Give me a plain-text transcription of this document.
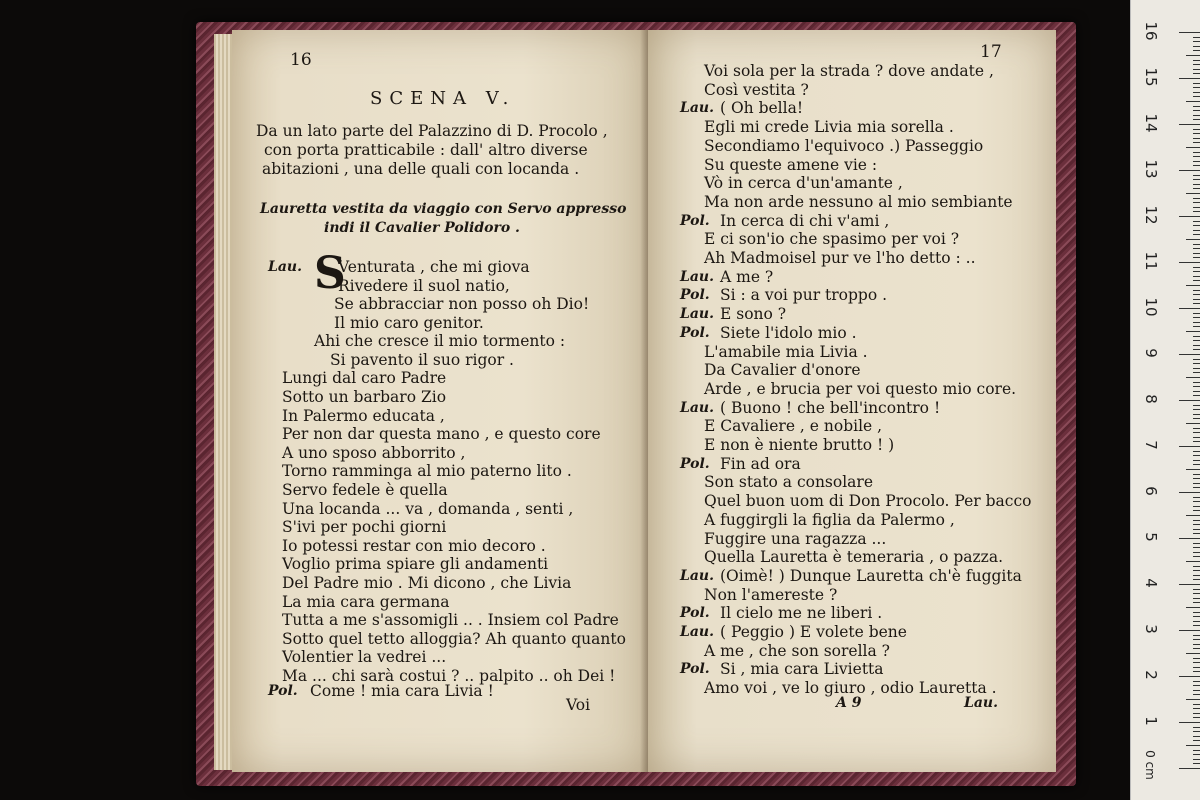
16
SCENA V.
Da un lato parte del Palazzino di D. Procolo ,
con porta pratticabile : dall' altro diverse
abitazioni , una delle quali con locanda .
Lauretta vestita da viaggio con Servo appresso
indi il Cavalier Polidoro .
Lau. S
Venturata , che mi giova
Rivedere il suol natio,
Se abbracciar non posso oh Dio!
Il mio caro genitor.
Ahi che cresce il mio tormento :
Si pavento il suo rigor .
Lungi dal caro Padre
Sotto un barbaro Zio
In Palermo educata ,
Per non dar questa mano , e questo core
A uno sposo abborrito ,
Torno ramminga al mio paterno lito .
Servo fedele è quella
Una locanda ... va , domanda , senti ,
S'ivi per pochi giorni
Io potessi restar con mio decoro .
Voglio prima spiare gli andamenti
Del Padre mio . Mi dicono , che Livia
La mia cara germana
Tutta a me s'assomigli .. . Insiem col Padre
Sotto quel tetto alloggia? Ah quanto quanto
Volentier la vedrei ...
Ma ... chi sarà costui ? .. palpito .. oh Dei !
Pol. Come ! mia cara Livia !
Voi
17
Voi sola per la strada ? dove andate ,
Così vestita ?
Lau. ( Oh bella!
Egli mi crede Livia mia sorella .
Secondiamo l'equivoco .) Passeggio
Su queste amene vie :
Vò in cerca d'un'amante ,
Ma non arde nessuno al mio sembiante
Pol. In cerca di chi v'ami ,
E ci son'io che spasimo per voi ?
Ah Madmoisel pur ve l'ho detto : ..
Lau. A me ?
Pol. Si : a voi pur troppo .
Lau. E sono ?
Pol. Siete l'idolo mio .
L'amabile mia Livia .
Da Cavalier d'onore
Arde , e brucia per voi questo mio core.
Lau. ( Buono ! che bell'incontro !
E Cavaliere , e nobile ,
E non è niente brutto ! )
Pol. Fin ad ora
Son stato a consolare
Quel buon uom di Don Procolo. Per bacco
A fuggirgli la figlia da Palermo ,
Fuggire una ragazza ...
Quella Lauretta è temeraria , o pazza.
Lau. (Oimè! ) Dunque Lauretta ch'è fuggita
Non l'amereste ?
Pol. Il cielo me ne liberi .
Lau. ( Peggio ) E volete bene
A me , che son sorella ?
Pol. Si , mia cara Livietta
Amo voi , ve lo giuro , odio Lauretta .
A 9	Lau.
0 cm
16
15
14
13
12
11
10
9
8
7
6
5
4
3
2
1
